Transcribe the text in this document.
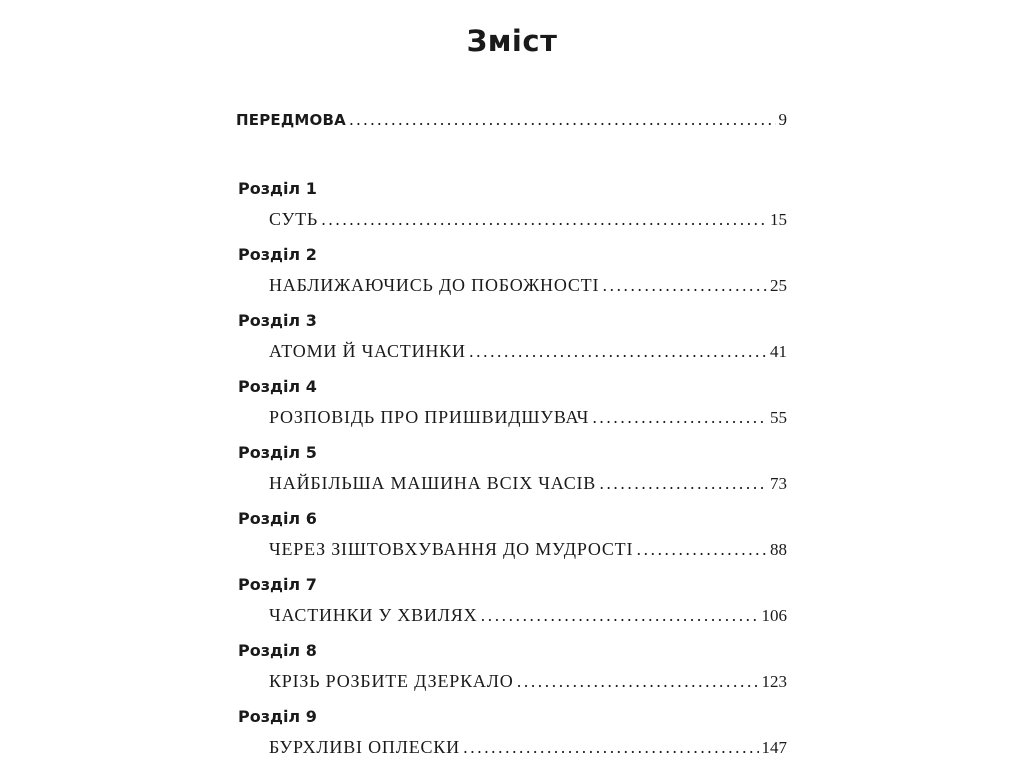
Зміст
ПЕРЕДМОВА . . .	9
Розділ 1
СУТЬ . . .	15
Розділ 2
НАБЛИЖАЮЧИСЬ ДО ПОБОЖНОСТІ . . .	25
Розділ 3
АТОМИ Й ЧАСТИНКИ . . .	41
Розділ 4
РОЗПОВІДЬ ПРО ПРИШВИДШУВАЧ . . .	55
Розділ 5
НАЙБІЛЬША МАШИНА ВСІХ ЧАСІВ . . .	73
Розділ 6
ЧЕРЕЗ ЗІШТОВХУВАННЯ ДО МУДРОСТІ . . .	88
Розділ 7
ЧАСТИНКИ У ХВИЛЯХ . . .	106
Розділ 8
КРІЗЬ РОЗБИТЕ ДЗЕРКАЛО . . .	123
Розділ 9
БУРХЛИВІ ОПЛЕСКИ . . .	147
